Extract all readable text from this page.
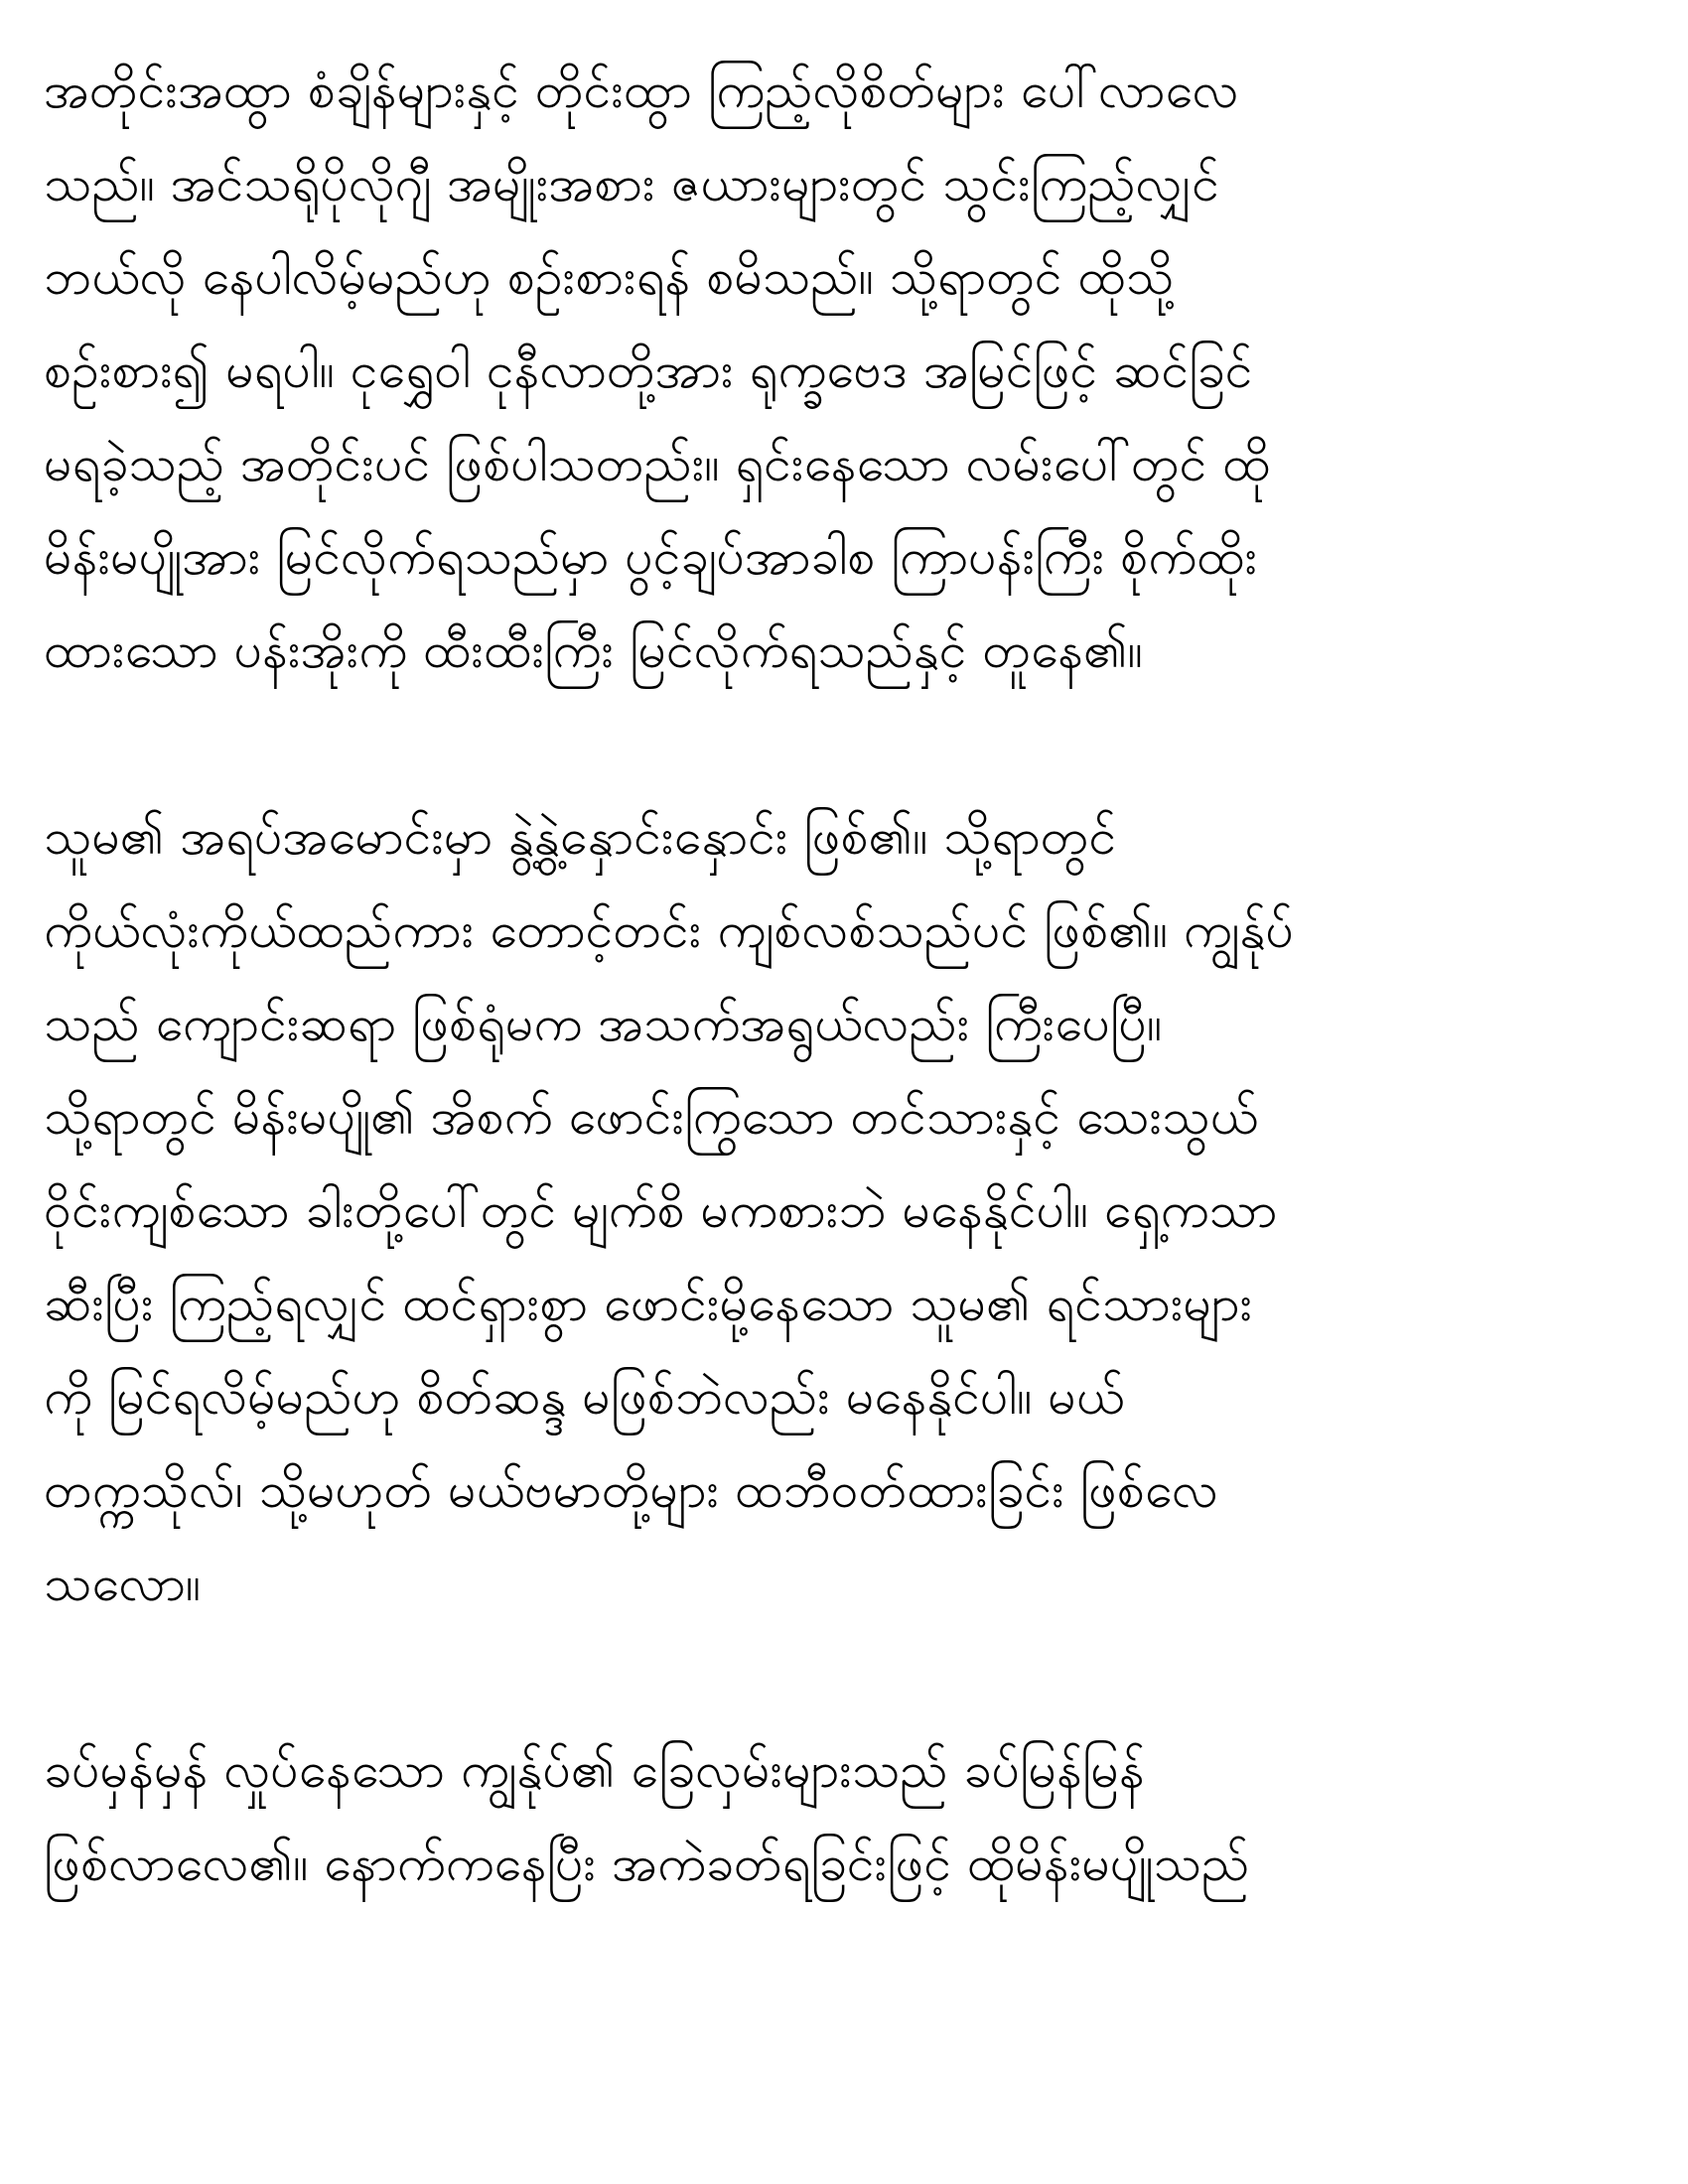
အတိုင်းအထွာ စံချိန်များနှင့် တိုင်းထွာ ကြည့်လိုစိတ်များ ပေါ်လာလေ
သည်။ အင်သရိုပိုလိုဂျီ အမျိုးအစား ဇယားများတွင် သွင်းကြည့်လျှင်
ဘယ်လို နေပါလိမ့်မည်ဟု စဉ်းစားရန် စမိသည်။ သို့ရာတွင် ထိုသို့
စဉ်းစား၍ မရပါ။ ငုရွှေဝါ ငုနီလာတို့အား ရုက္ခဗေဒ အမြင်ဖြင့် ဆင်ခြင်
မရခဲ့သည့် အတိုင်းပင် ဖြစ်ပါသတည်း။ ရှင်းနေသော လမ်းပေါ်တွင် ထို
မိန်းမပျိုအား မြင်လိုက်ရသည်မှာ ပွင့်ချပ်အာခါစ ကြာပန်းကြီး စိုက်ထိုး
ထားသော ပန်းအိုးကို ထီးထီးကြီး မြင်လိုက်ရသည်နှင့် တူနေ၏။
သူမ၏ အရပ်အမောင်းမှာ နွဲ့နွဲ့နှောင်းနှောင်း ဖြစ်၏။ သို့ရာတွင်
ကိုယ်လုံးကိုယ်ထည်ကား တောင့်တင်း ကျစ်လစ်သည်ပင် ဖြစ်၏။ ကျွန်ုပ်
သည် ကျောင်းဆရာ ဖြစ်ရုံမက အသက်အရွယ်လည်း ကြီးပေပြီ။
သို့ရာတွင် မိန်းမပျို၏ အိစက် ဖောင်းကြွသော တင်သားနှင့် သေးသွယ်
ဝိုင်းကျစ်သော ခါးတို့ပေါ်တွင် မျက်စိ မကစားဘဲ မနေနိုင်ပါ။ ရှေ့ကသာ
ဆီးပြီး ကြည့်ရလျှင် ထင်ရှားစွာ ဖောင်းမို့နေသော သူမ၏ ရင်သားများ
ကို မြင်ရလိမ့်မည်ဟု စိတ်ဆန္ဒ မဖြစ်ဘဲလည်း မနေနိုင်ပါ။ မယ်
တက္ကသိုလ်၊ သို့မဟုတ် မယ်ဗမာတို့များ ထဘီဝတ်ထားခြင်း ဖြစ်လေ
သလော။
ခပ်မှန်မှန် လှုပ်နေသော ကျွန်ုပ်၏ ခြေလှမ်းများသည် ခပ်မြန်မြန်
ဖြစ်လာလေ၏။ နောက်ကနေပြီး အကဲခတ်ရခြင်းဖြင့် ထိုမိန်းမပျိုသည်
